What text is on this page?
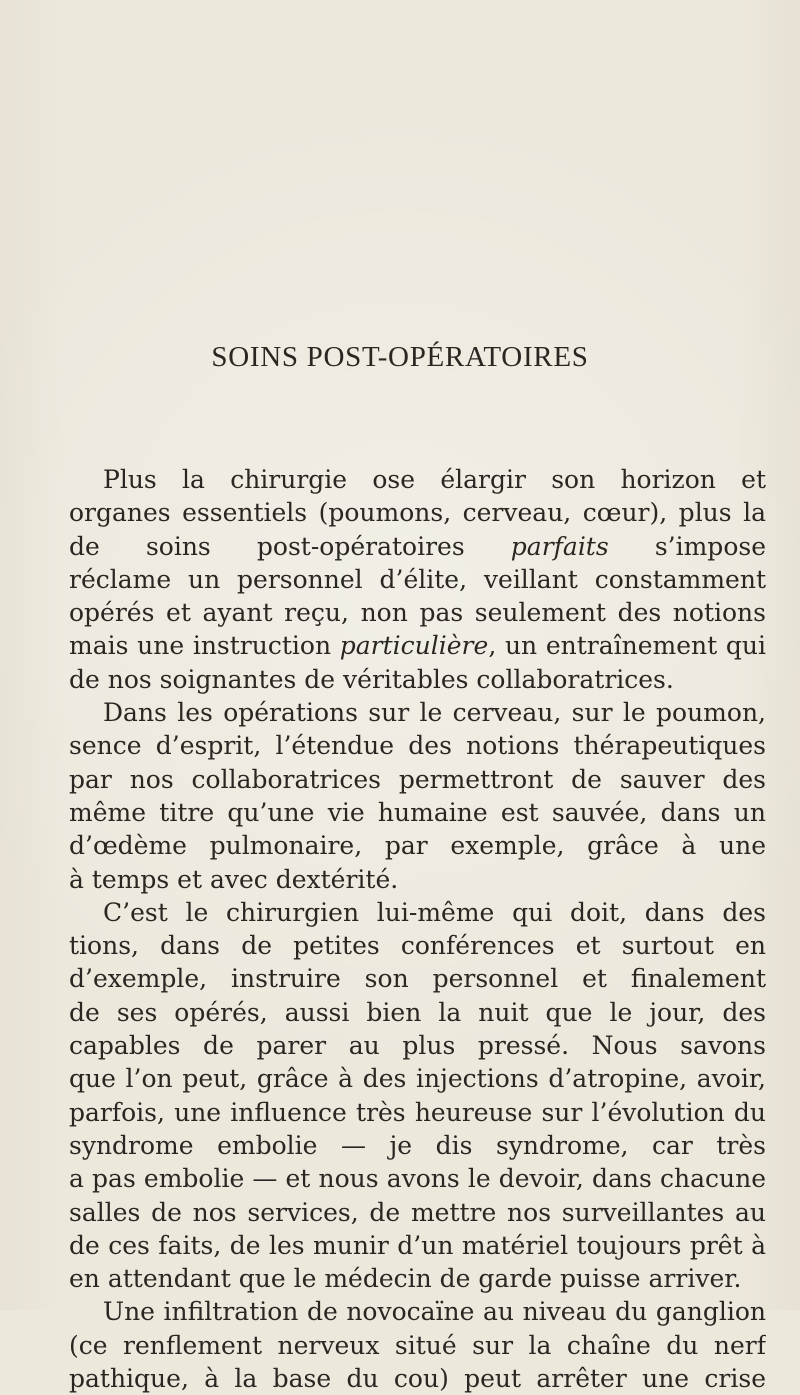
SOINS POST-OPÉRATOIRES
Plus la chirurgie ose élargir son horizon et
organes essentiels (poumons, cerveau, cœur), plus la
de soins post-opératoires parfaits s’impose
réclame un personnel d’élite, veillant constamment
opérés et ayant reçu, non pas seulement des notions
mais une instruction particulière, un entraînement qui
de nos soignantes de véritables collaboratrices.
Dans les opérations sur le cerveau, sur le poumon,
sence d’esprit, l’étendue des notions thérapeutiques
par nos collaboratrices permettront de sauver des
même titre qu’une vie humaine est sauvée, dans un
d’œdème pulmonaire, par exemple, grâce à une
à temps et avec dextérité.
C’est le chirurgien lui-même qui doit, dans des
tions, dans de petites conférences et surtout en
d’exemple, instruire son personnel et finalement
de ses opérés, aussi bien la nuit que le jour, des
capables de parer au plus pressé. Nous savons
que l’on peut, grâce à des injections d’atropine, avoir,
parfois, une influence très heureuse sur l’évolution du
syndrome embolie — je dis syndrome, car très
a pas embolie — et nous avons le devoir, dans chacune
salles de nos services, de mettre nos surveillantes au
de ces faits, de les munir d’un matériel toujours prêt à
en attendant que le médecin de garde puisse arriver.
Une infiltration de novocaïne au niveau du ganglion
(ce renflement nerveux situé sur la chaîne du nerf
pathique, à la base du cou) peut arrêter une crise
